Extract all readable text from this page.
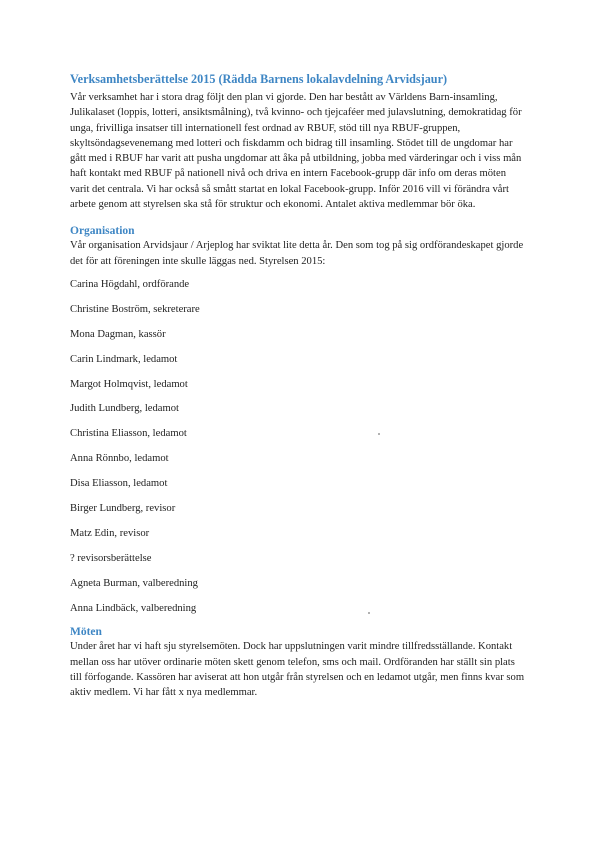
Verksamhetsberättelse 2015 (Rädda Barnens lokalavdelning Arvidsjaur)

Vår verksamhet har i stora drag följt den plan vi gjorde. Den har bestått av Världens Barn-insamling, Julikalaset (loppis, lotteri, ansiktsmålning), två kvinno- och tjejcaféer med julavslutning, demokratidag för unga, frivilliga insatser till internationell fest ordnad av RBUF, stöd till nya RBUF-gruppen, skyltsöndagsevenemang med lotteri och fiskdamm och bidrag till insamling. Stödet till de ungdomar har gått med i RBUF har varit att pusha ungdomar att åka på utbildning, jobba med värderingar och i viss mån haft kontakt med RBUF på nationell nivå och driva en intern Facebook-grupp där info om deras möten varit det centrala. Vi har också så smått startat en lokal Facebook-grupp. Inför 2016 vill vi förändra vårt arbete genom att styrelsen ska stå för struktur och ekonomi. Antalet aktiva medlemmar bör öka.

Organisation

Vår organisation Arvidsjaur / Arjeplog har sviktat lite detta år. Den som tog på sig ordförandeskapet gjorde det för att föreningen inte skulle läggas ned. Styrelsen 2015:

Carina Högdahl, ordförande
Christine Boström, sekreterare
Mona Dagman, kassör
Carin Lindmark, ledamot
Margot Holmqvist, ledamot
Judith Lundberg, ledamot
Christina Eliasson, ledamot
Anna Rönnbo, ledamot
Disa Eliasson, ledamot
Birger Lundberg, revisor
Matz Edin, revisor
? revisorsberättelse
Agneta Burman, valberedning
Anna Lindbäck, valberedning
Möten

Under året har vi haft sju styrelsemöten. Dock har uppslutningen varit mindre tillfredsställande. Kontakt mellan oss har utöver ordinarie möten skett genom telefon, sms och mail. Ordföranden har ställt sin plats till förfogande. Kassören har aviserat att hon utgår från styrelsen och en ledamot utgår, men finns kvar som aktiv medlem. Vi har fått x nya medlemmar.
